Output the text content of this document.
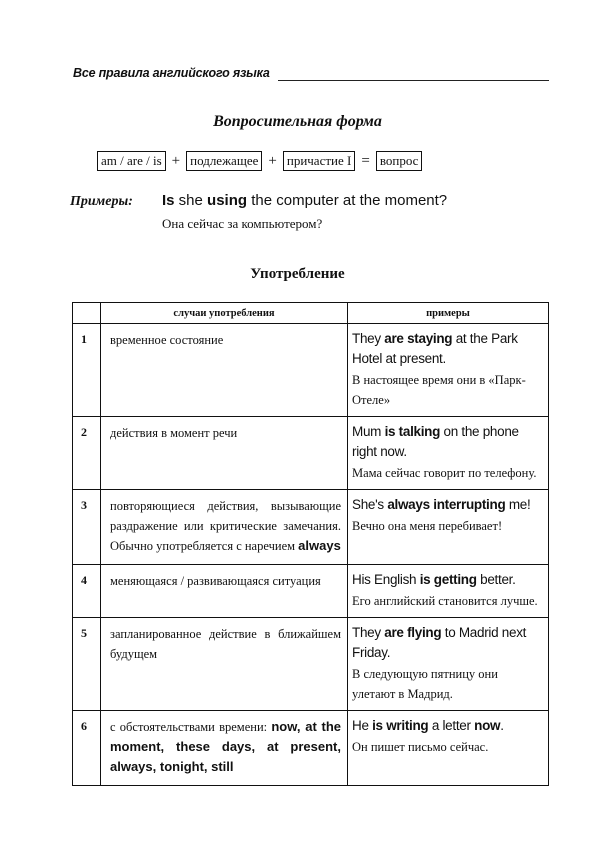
Все правила английского языка
Вопросительная форма
am / are / is + подлежащее + причастие I = вопрос
Примеры: Is she using the computer at the moment?
Она сейчас за компьютером?
Употребление
	случаи употребления	примеры
1	временное состояние	They are staying at the Park Hotel at present.
В настоящее время они в «Парк-Отеле»

2	действия в момент речи	Mum is talking on the phone right now.
Мама сейчас говорит по телефону.

3	повторяющиеся действия, вызывающие раздражение или критические замечания. Обычно употребляется с наречием always	She's always interrupting me!
Вечно она меня перебивает!

4	меняющаяся / развивающаяся ситуация	His English is getting better.
Его английский становится лучше.

5	запланированное действие в ближайшем будущем	They are flying to Madrid next Friday.
В следующую пятницу они улетают в Мадрид.

6	с обстоятельствами времени: now, at the moment, these days, at present, always, tonight, still	He is writing a letter now.
Он пишет письмо сейчас.
